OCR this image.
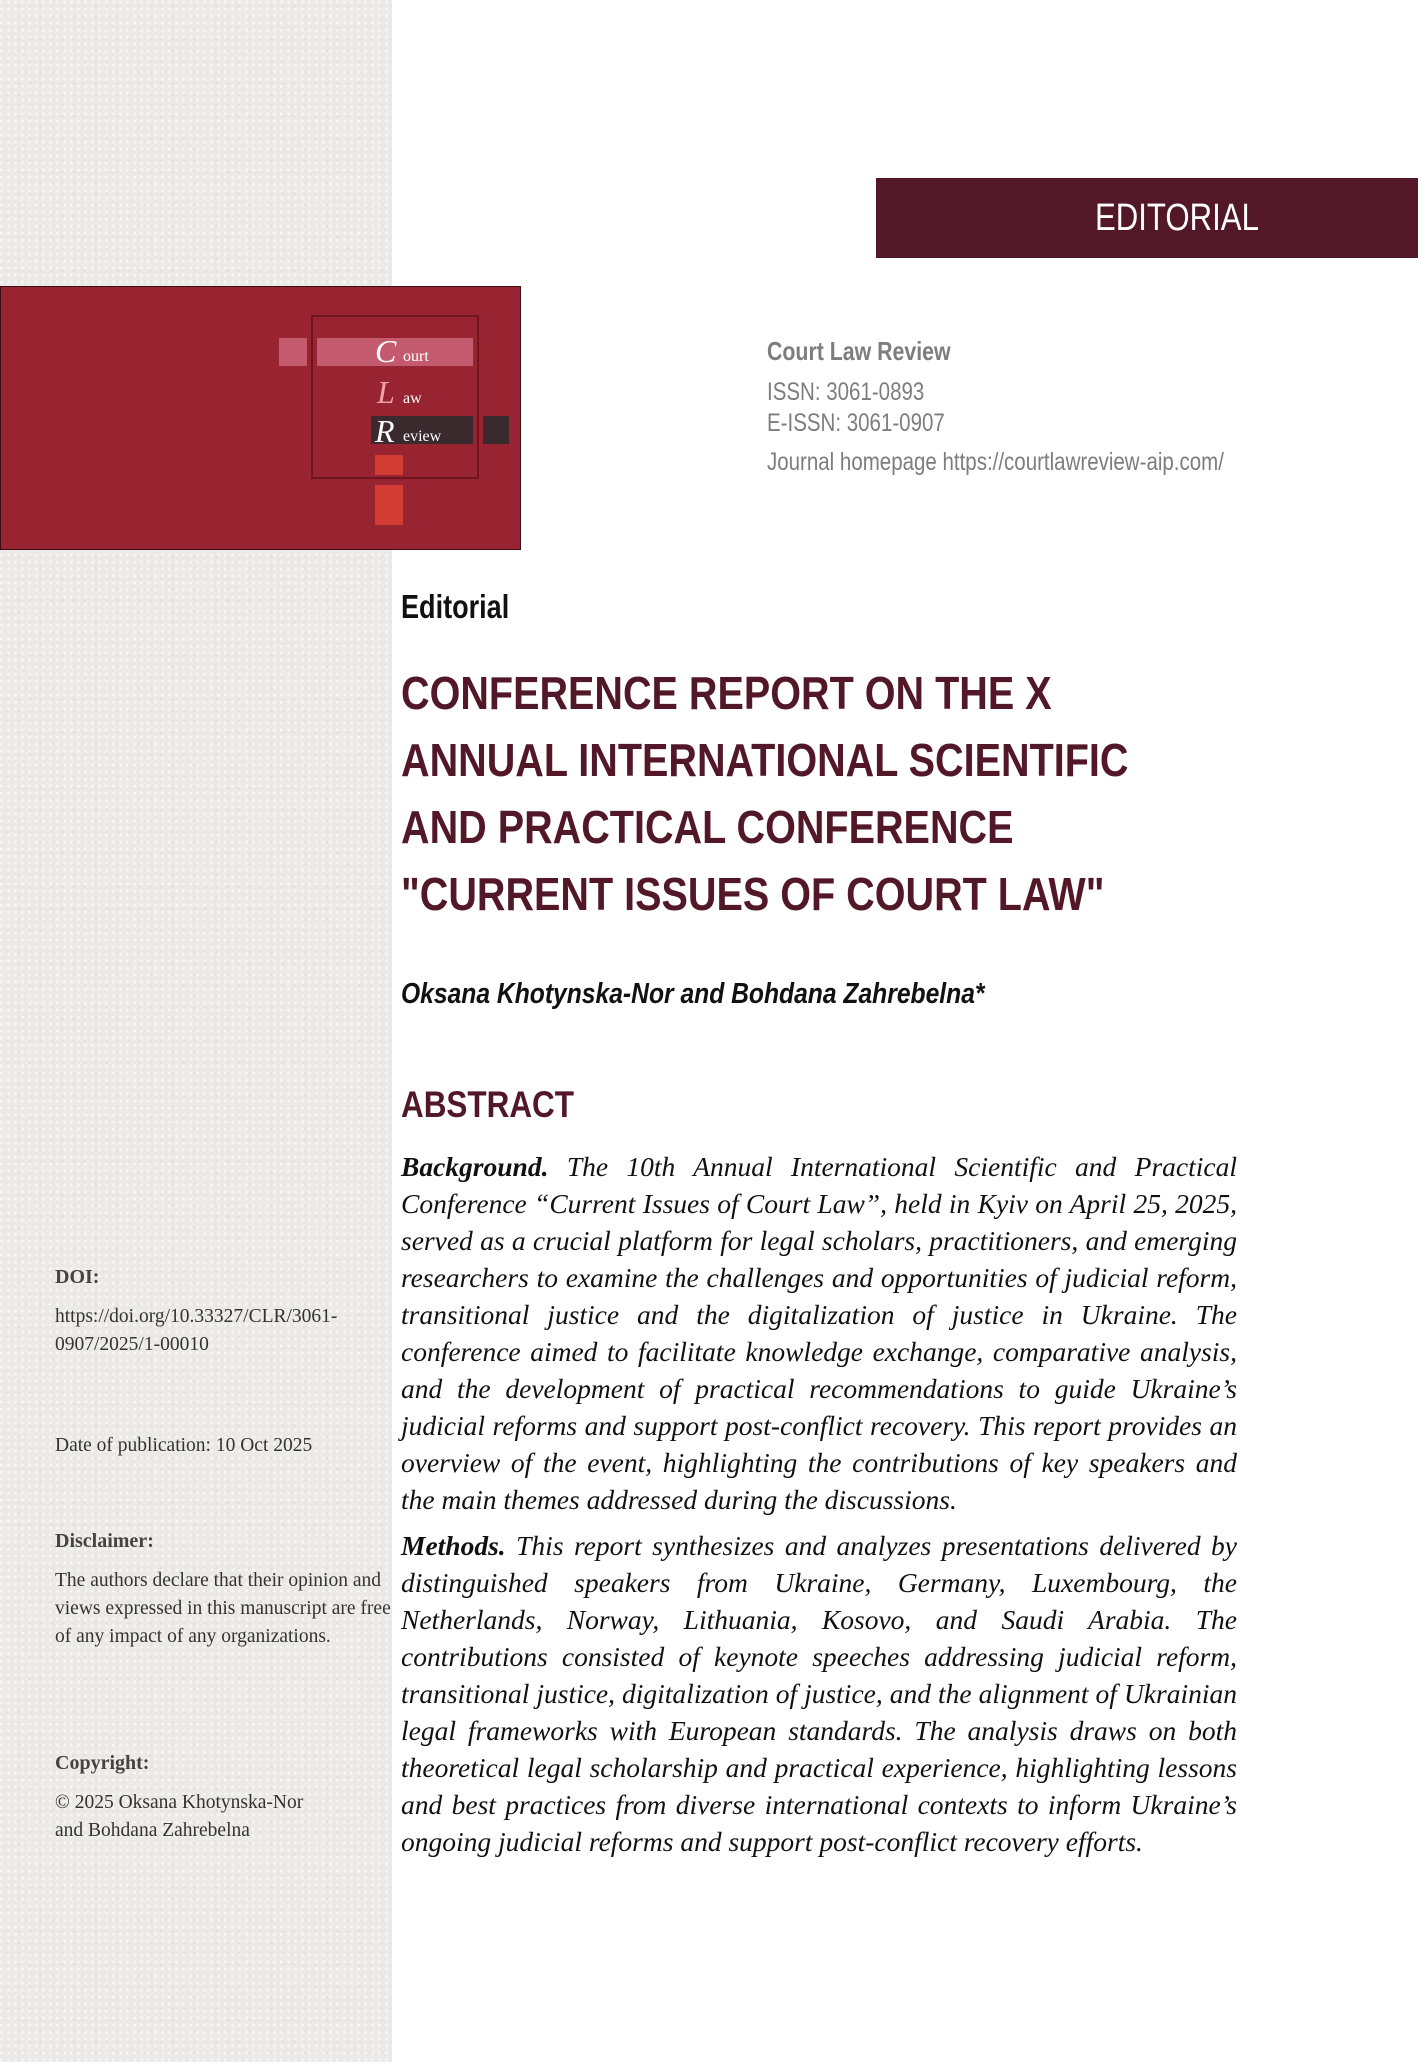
EDITORIAL
C ourt
L aw
R eview
Court Law Review
ISSN: 3061-0893
E-ISSN: 3061-0907
Journal homepage https://courtlawreview-aip.com/
Editorial
CONFERENCE REPORT ON THE X
ANNUAL INTERNATIONAL SCIENTIFIC
AND PRACTICAL CONFERENCE
"CURRENT ISSUES OF COURT LAW"
Oksana Khotynska-Nor and Bohdana Zahrebelna*
ABSTRACT

Background. The 10th Annual International Scientific and Practical Conference “Current Issues of Court Law”, held in Kyiv on April 25, 2025, served as a crucial platform for legal scholars, practitioners, and emerging researchers to examine the challenges and opportunities of judicial reform, transitional justice and the digitalization of justice in Ukraine. The conference aimed to facilitate knowledge exchange, comparative analysis, and the development of practical recommendations to guide Ukraine’s judicial reforms and support post-conflict recovery. This report provides an overview of the event, highlighting the contributions of key speakers and the main themes addressed during the discussions.

Methods. This report synthesizes and analyzes presentations delivered by distinguished speakers from Ukraine, Germany, Luxembourg, the Netherlands, Norway, Lithuania, Kosovo, and Saudi Arabia. The contributions consisted of keynote speeches addressing judicial reform, transitional justice, digitalization of justice, and the alignment of Ukrainian legal frameworks with European standards. The analysis draws on both theoretical legal scholarship and practical experience, highlighting lessons and best practices from diverse international contexts to inform Ukraine’s ongoing judicial reforms and support post-conflict recovery efforts.

DOI:
https://doi.org/10.33327/CLR/3061-
0907/2025/1-00010
Date of publication: 10 Oct 2025
Disclaimer:
The authors declare that their opinion and views expressed in this manuscript are free of any impact of any organizations.
Copyright:
© 2025 Oksana Khotynska-Nor
and Bohdana Zahrebelna
